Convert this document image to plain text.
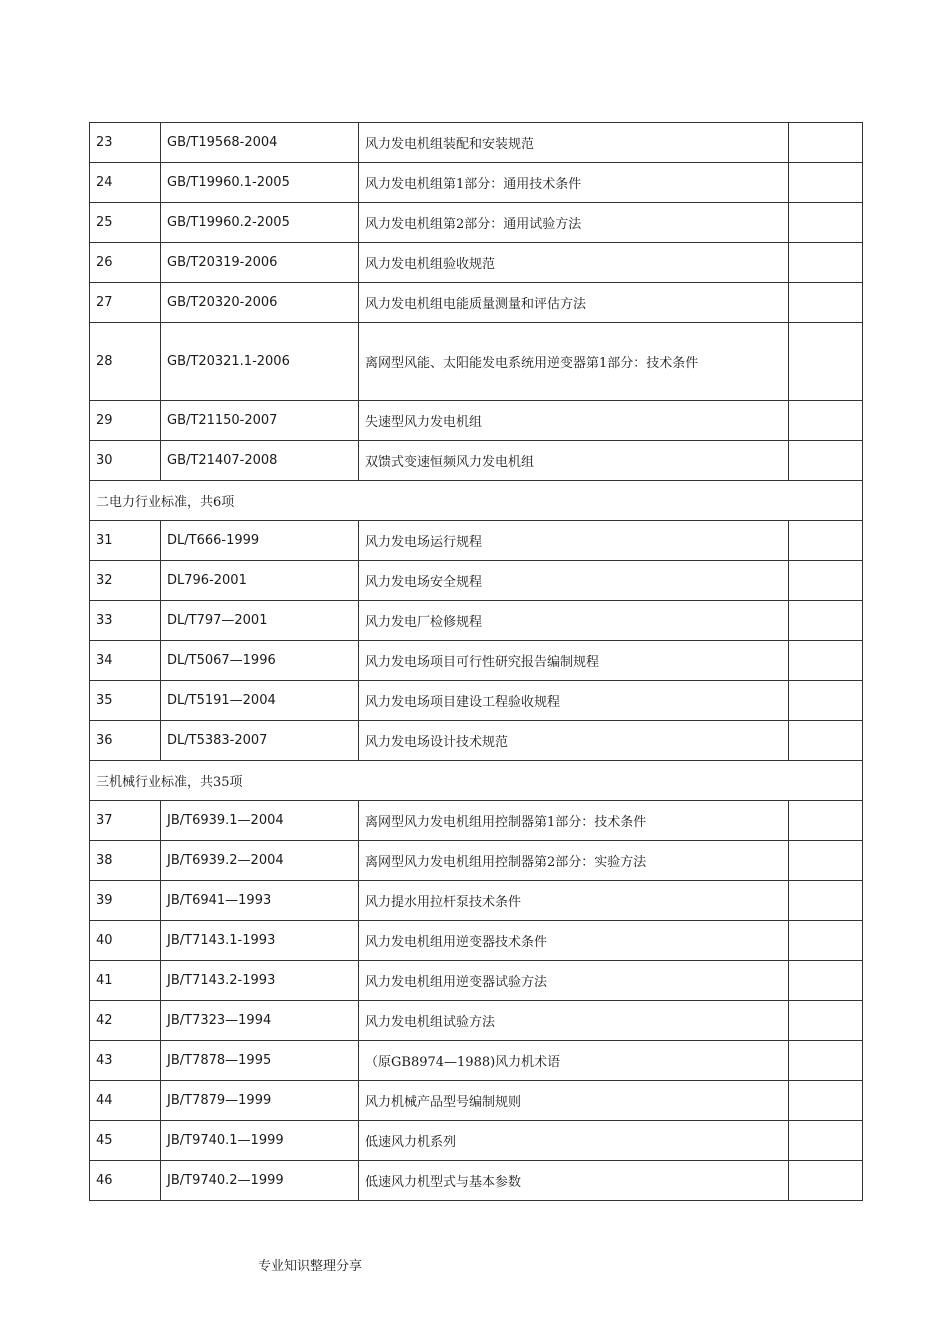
23	GB/T19568-2004	风力发电机组装配和安装规范	
24	GB/T19960.1-2005	风力发电机组第1部分：通用技术条件	
25	GB/T19960.2-2005	风力发电机组第2部分：通用试验方法	
26	GB/T20319-2006	风力发电机组验收规范	
27	GB/T20320-2006	风力发电机组电能质量测量和评估方法	
28	GB/T20321.1-2006	离网型风能、太阳能发电系统用逆变器第1部分：技术条件	
29	GB/T21150-2007	失速型风力发电机组	
30	GB/T21407-2008	双馈式变速恒频风力发电机组	
二电力行业标准，共6项			
31	DL/T666-1999	风力发电场运行规程	
32	DL796-2001	风力发电场安全规程	
33	DL/T797—2001	风力发电厂检修规程	
34	DL/T5067—1996	风力发电场项目可行性研究报告编制规程	
35	DL/T5191—2004	风力发电场项目建设工程验收规程	
36	DL/T5383-2007	风力发电场设计技术规范	
三机械行业标准，共35项			
37	JB/T6939.1—2004	离网型风力发电机组用控制器第1部分：技术条件	
38	JB/T6939.2—2004	离网型风力发电机组用控制器第2部分：实验方法	
39	JB/T6941—1993	风力提水用拉杆泵技术条件	
40	JB/T7143.1-1993	风力发电机组用逆变器技术条件	
41	JB/T7143.2-1993	风力发电机组用逆变器试验方法	
42	JB/T7323—1994	风力发电机组试验方法	
43	JB/T7878—1995	（原GB8974—1988)风力机术语	
44	JB/T7879—1999	风力机械产品型号编制规则	
45	JB/T9740.1—1999	低速风力机系列	
46	JB/T9740.2—1999	低速风力机型式与基本参数	
专业知识整理分享
